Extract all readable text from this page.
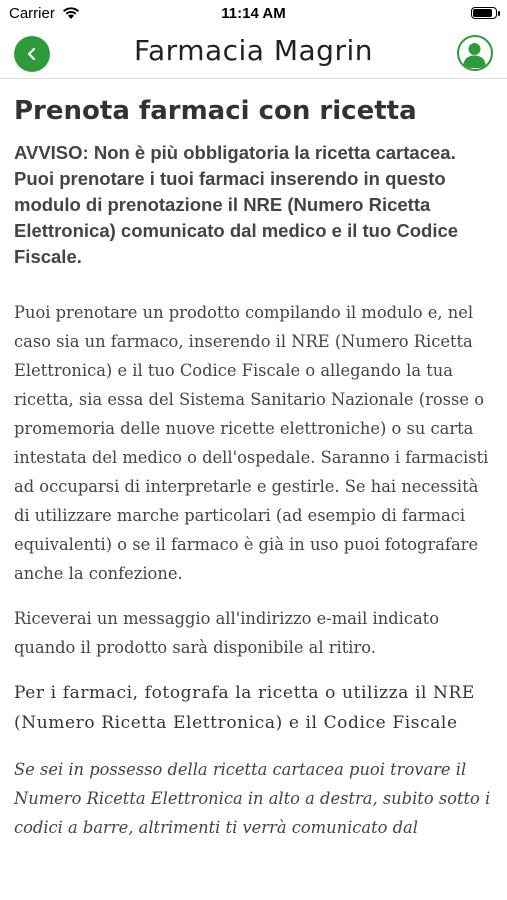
Carrier	11:14 AM
Farmacia Magrin
Prenota farmaci con ricetta

AVVISO: Non è più obbligatoria la ricetta cartacea. Puoi prenotare i tuoi farmaci inserendo in questo modulo di prenotazione il NRE (Numero Ricetta Elettronica) comunicato dal medico e il tuo Codice Fiscale.

Puoi prenotare un prodotto compilando il modulo e, nel caso sia un farmaco, inserendo il NRE (Numero Ricetta Elettronica) e il tuo Codice Fiscale o allegando la tua ricetta, sia essa del Sistema Sanitario Nazionale (rosse o promemoria delle nuove ricette elettroniche) o su carta intestata del medico o dell'ospedale. Saranno i farmacisti ad occuparsi di interpretarle e gestirle. Se hai necessità di utilizzare marche particolari (ad esempio di farmaci equivalenti) o se il farmaco è già in uso puoi fotografare anche la confezione.

Riceverai un messaggio all'indirizzo e-mail indicato quando il prodotto sarà disponibile al ritiro.

Per i farmaci, fotografa la ricetta o utilizza il NRE (Numero Ricetta Elettronica) e il Codice Fiscale

Se sei in possesso della ricetta cartacea puoi trovare il Numero Ricetta Elettronica in alto a destra, subito sotto i codici a barre, altrimenti ti verrà comunicato dal
